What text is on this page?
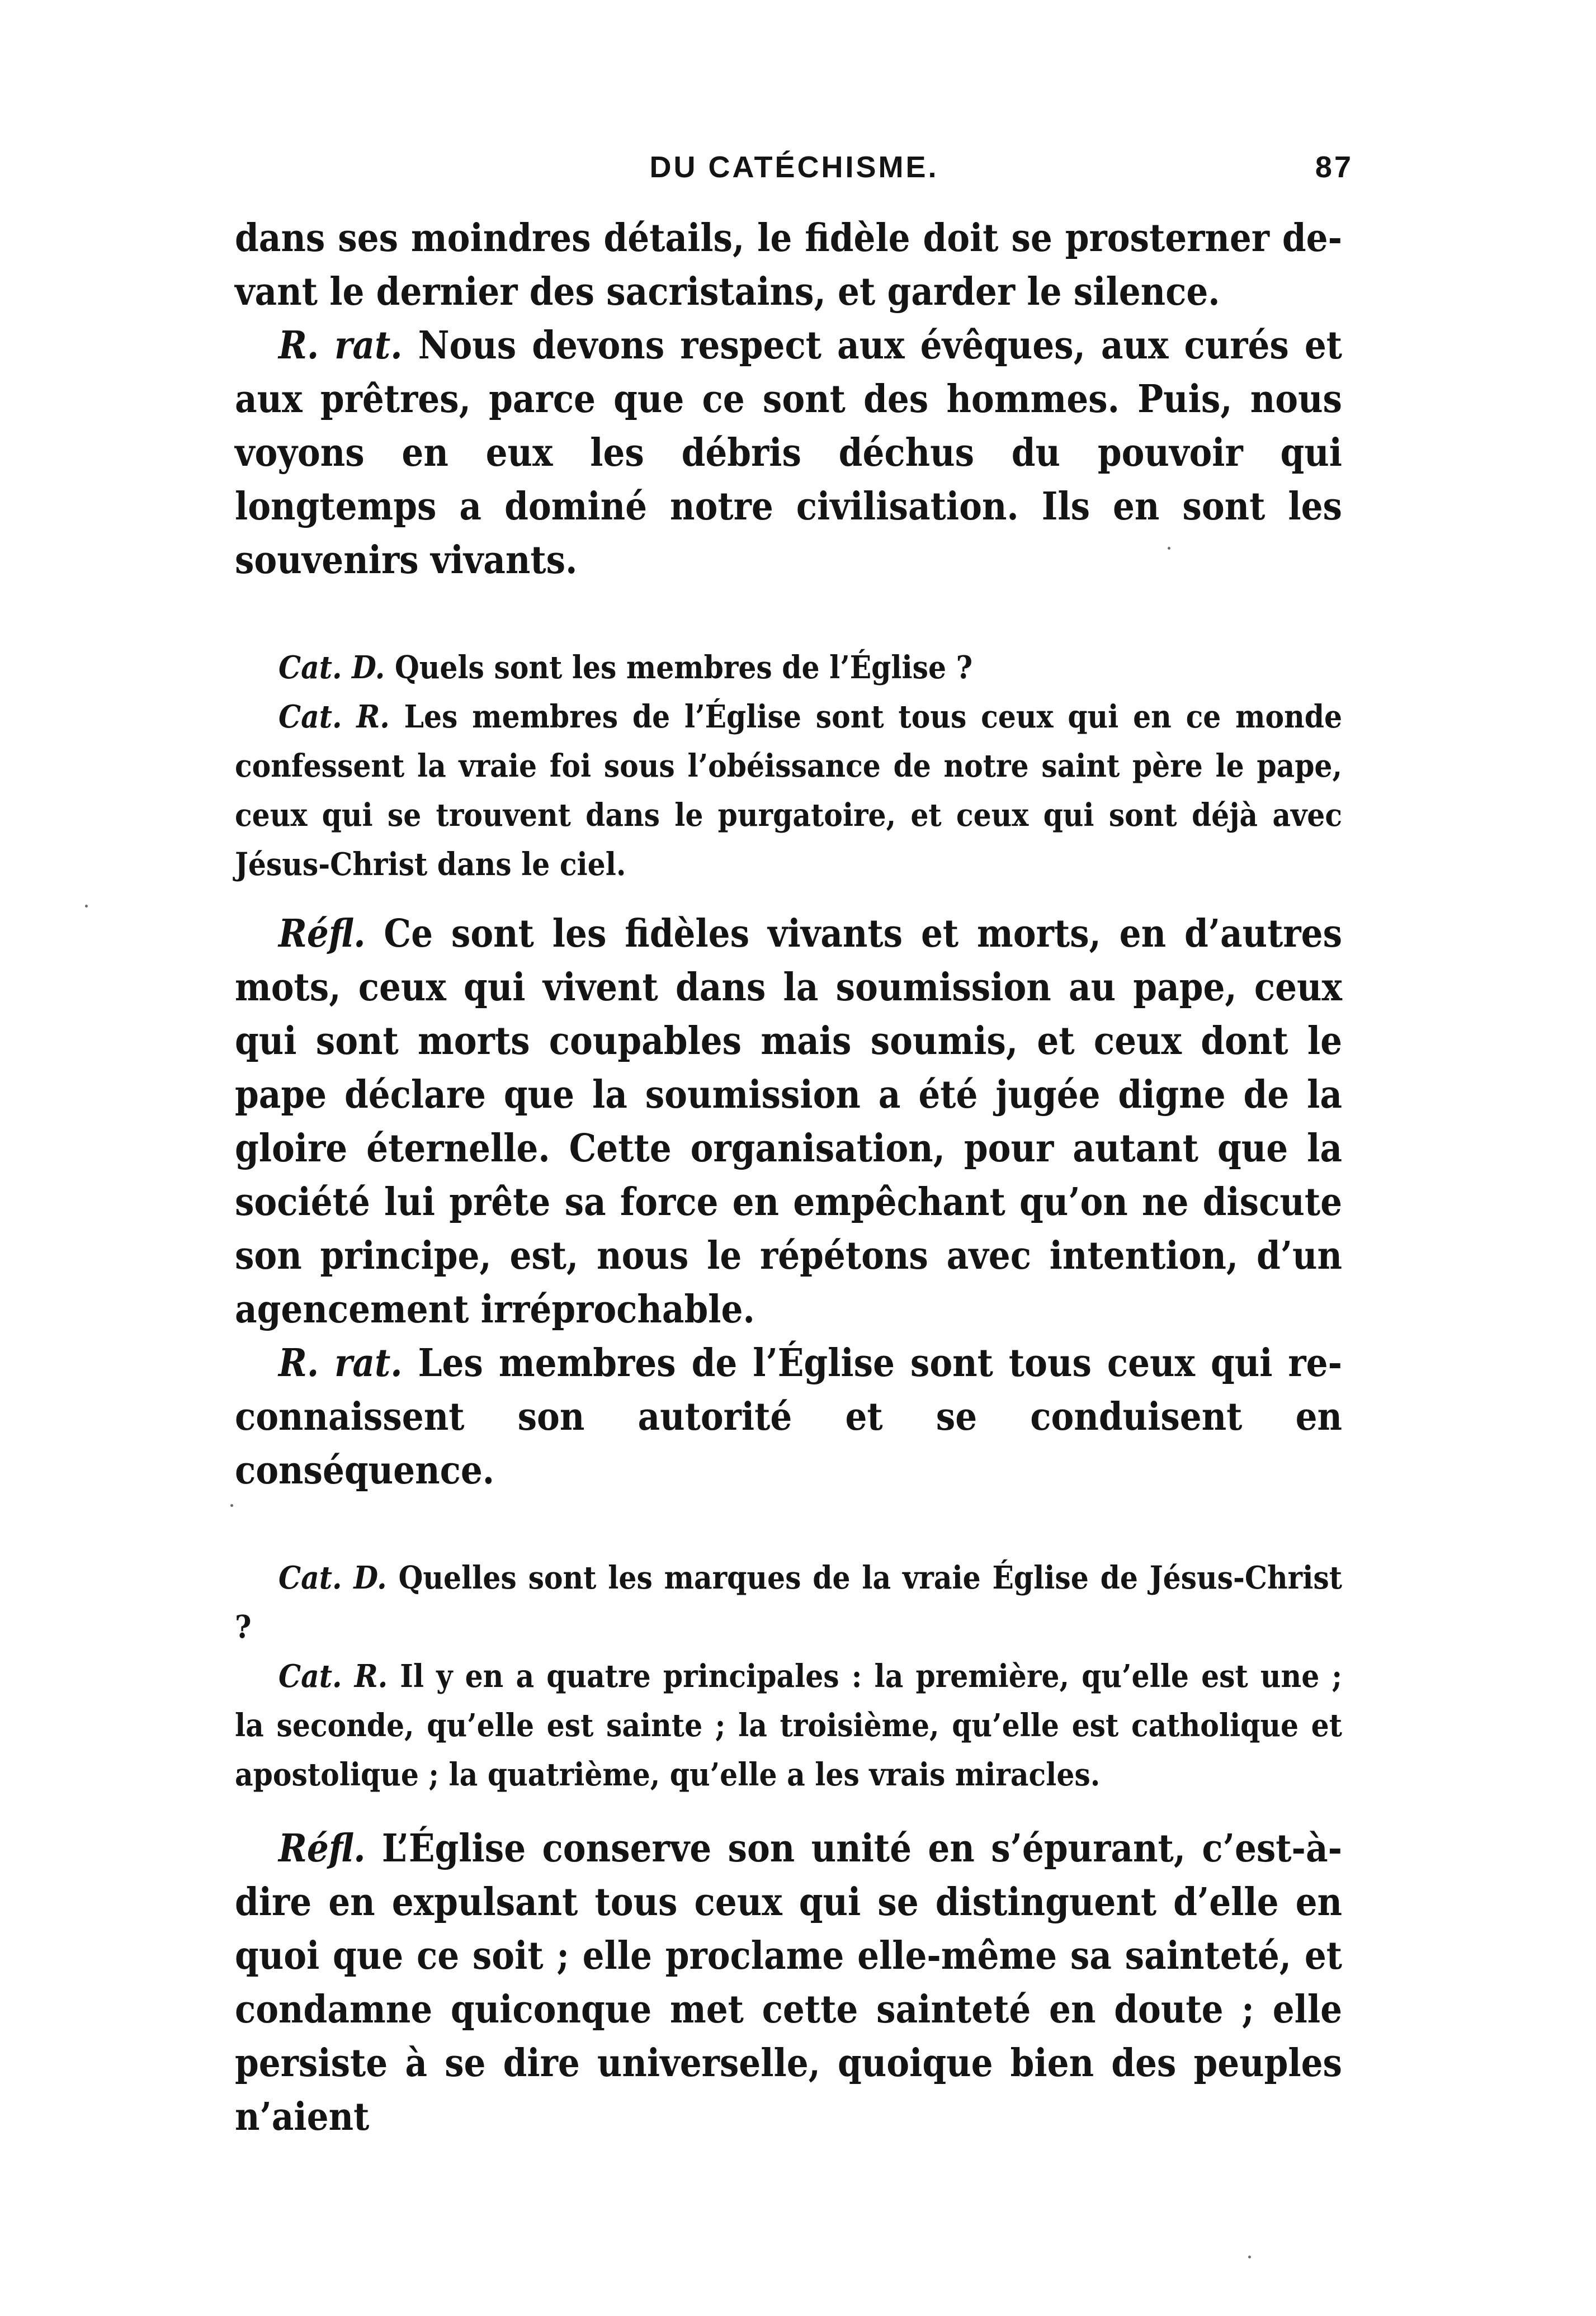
DU CATÉCHISME.	87

dans ses moindres détails, le fidèle doit se prosterner devant le dernier des sacristains, et garder le silence.

R. rat. Nous devons respect aux évêques, aux curés et aux prêtres, parce que ce sont des hommes. Puis, nous voyons en eux les débris déchus du pouvoir qui longtemps a dominé notre civilisation. Ils en sont les souvenirs vivants.

Cat. D. Quels sont les membres de l’Église ?

Cat. R. Les membres de l’Église sont tous ceux qui en ce monde confessent la vraie foi sous l’obéissance de notre saint père le pape, ceux qui se trouvent dans le purgatoire, et ceux qui sont déjà avec Jésus-Christ dans le ciel.

Réfl. Ce sont les fidèles vivants et morts, en d’autres mots, ceux qui vivent dans la soumission au pape, ceux qui sont morts coupables mais soumis, et ceux dont le pape déclare que la soumission a été jugée digne de la gloire éternelle. Cette organisation, pour autant que la société lui prête sa force en empêchant qu’on ne discute son principe, est, nous le répétons avec intention, d’un agencement irréprochable.

R. rat. Les membres de l’Église sont tous ceux qui reconnaissent son autorité et se conduisent en conséquence.

Cat. D. Quelles sont les marques de la vraie Église de Jésus-Christ ?

Cat. R. Il y en a quatre principales : la première, qu’elle est une ; la seconde, qu’elle est sainte ; la troisième, qu’elle est catholique et apostolique ; la quatrième, qu’elle a les vrais miracles.

Réfl. L’Église conserve son unité en s’épurant, c’est-à-dire en expulsant tous ceux qui se distinguent d’elle en quoi que ce soit ; elle proclame elle-même sa sainteté, et condamne quiconque met cette sainteté en doute ; elle persiste à se dire universelle, quoique bien des peuples n’aient
